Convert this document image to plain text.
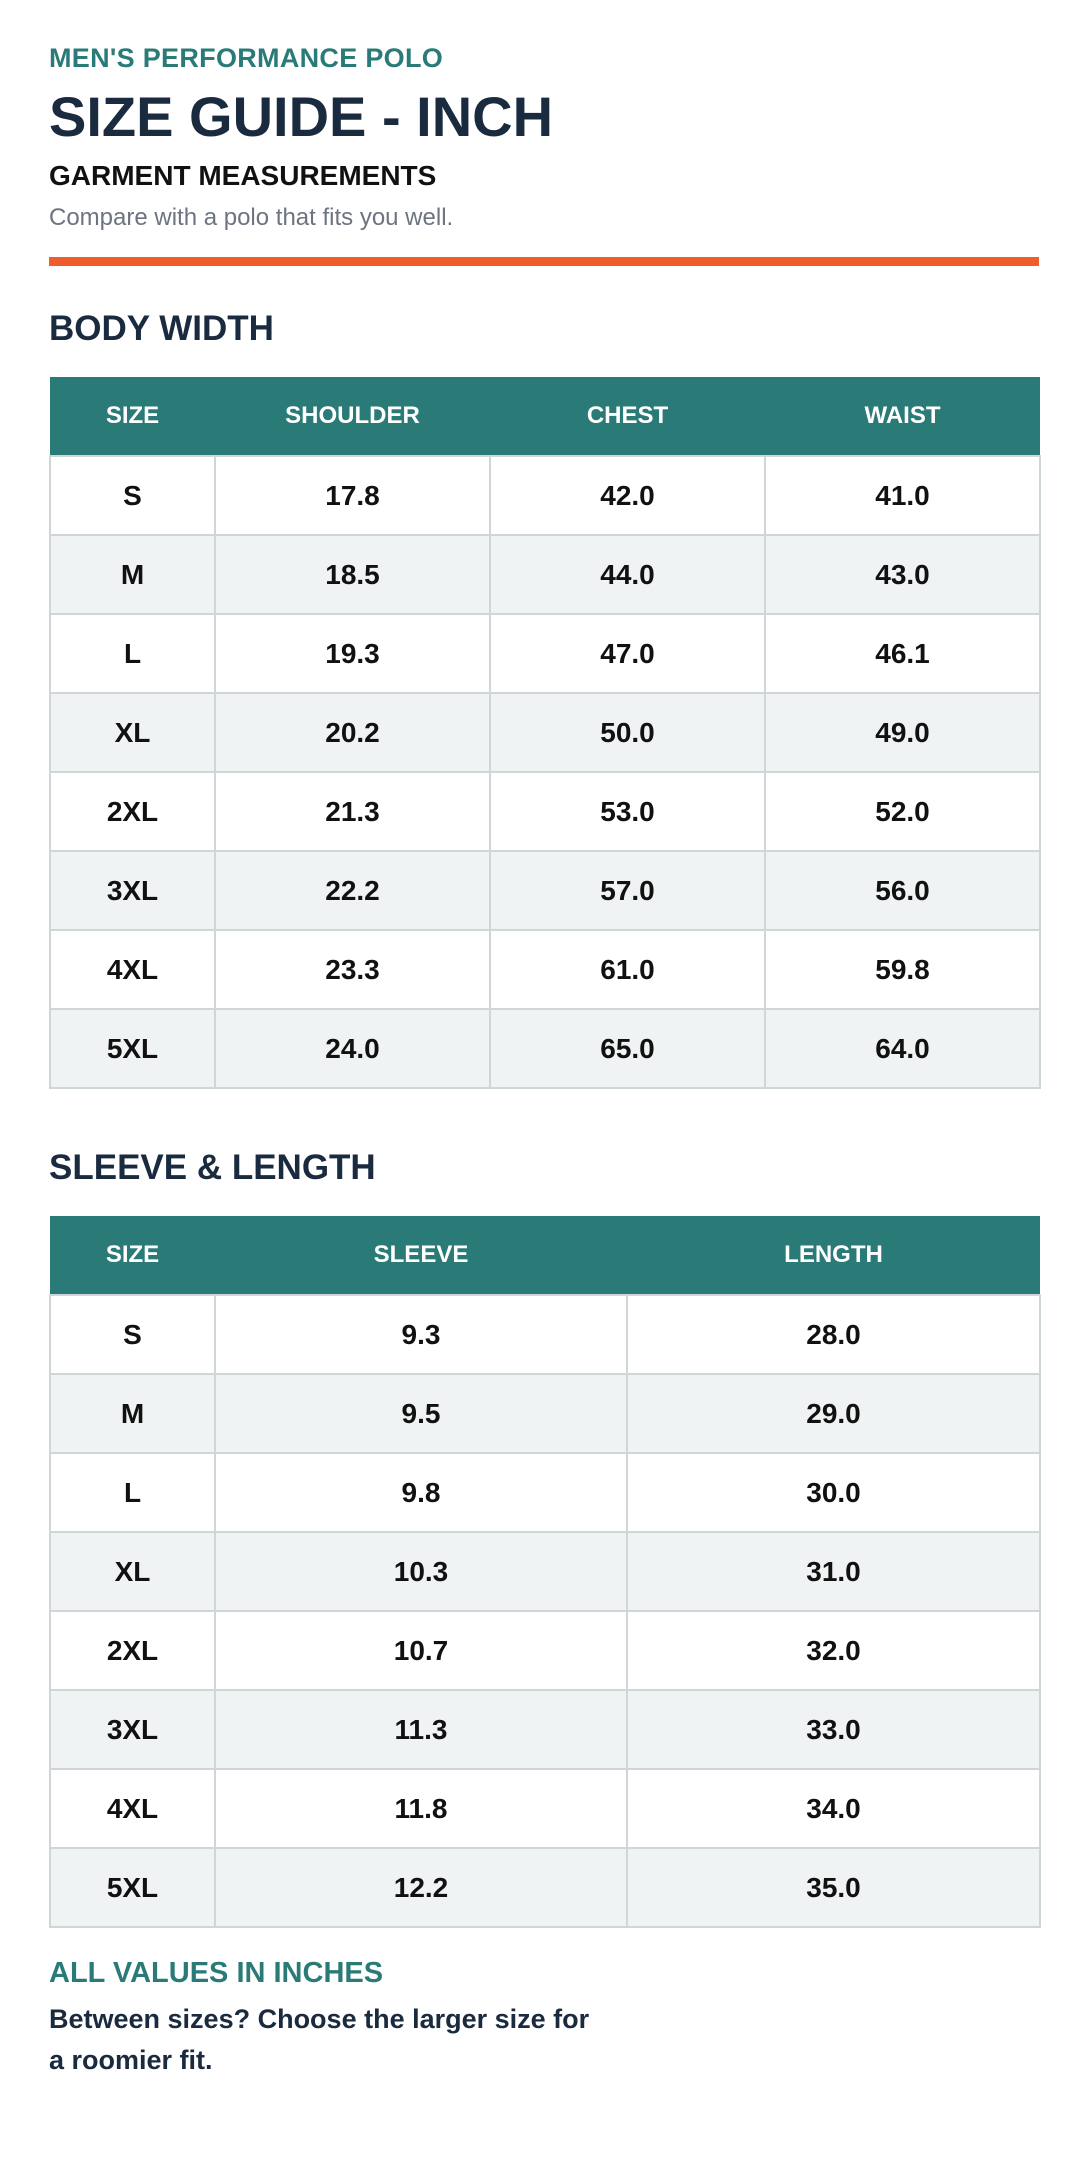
MEN'S PERFORMANCE POLO
SIZE GUIDE - INCH
GARMENT MEASUREMENTS
Compare with a polo that fits you well.
BODY WIDTH
SIZE	SHOULDER	CHEST	WAIST
S	17.8	42.0	41.0
M	18.5	44.0	43.0
L	19.3	47.0	46.1
XL	20.2	50.0	49.0
2XL	21.3	53.0	52.0
3XL	22.2	57.0	56.0
4XL	23.3	61.0	59.8
5XL	24.0	65.0	64.0
SLEEVE & LENGTH
SIZE	SLEEVE	LENGTH
S	9.3	28.0
M	9.5	29.0
L	9.8	30.0
XL	10.3	31.0
2XL	10.7	32.0
3XL	11.3	33.0
4XL	11.8	34.0
5XL	12.2	35.0
ALL VALUES IN INCHES
Between sizes? Choose the larger size for a roomier fit.
